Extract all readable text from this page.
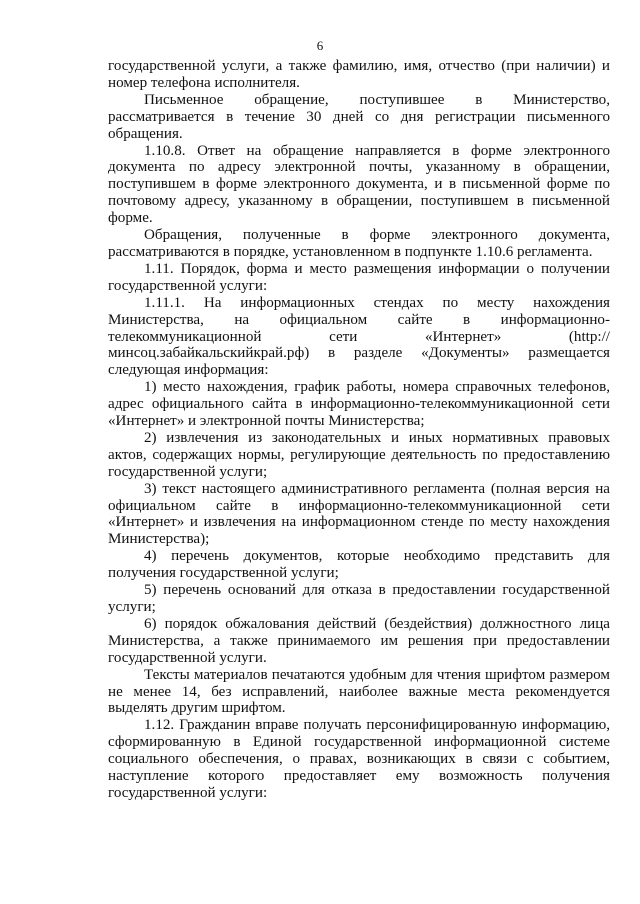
6

государственной услуги, а также фамилию, имя, отчество (при наличии) и номер телефона исполнителя.

Письменное обращение, поступившее в Министерство, рассматривается в течение 30 дней со дня регистрации письменного обращения.

1.10.8. Ответ на обращение направляется в форме электронного документа по адресу электронной почты, указанному в обращении, поступившем в форме электронного документа, и в письменной форме по почтовому адресу, указанному в обращении, поступившем в письменной форме.

Обращения, полученные в форме электронного документа, рассматриваются в порядке, установленном в подпункте 1.10.6 регламента.

1.11. Порядок, форма и место размещения информации о получении государственной услуги:

1.11.1. На информационных стендах по месту нахождения Министерства, на официальном сайте в информационно-телекоммуникационной сети «Интернет» (http://минсоц.забайкальскийкрай.рф) в разделе «Документы» размещается следующая информация:

1) место нахождения, график работы, номера справочных телефонов, адрес официального сайта в информационно-телекоммуникационной сети «Интернет» и электронной почты Министерства;

2) извлечения из законодательных и иных нормативных правовых актов, содержащих нормы, регулирующие деятельность по предоставлению государственной услуги;

3) текст настоящего административного регламента (полная версия на официальном сайте в информационно-телекоммуникационной сети «Интернет» и извлечения на информационном стенде по месту нахождения Министерства);

4) перечень документов, которые необходимо представить для получения государственной услуги;

5) перечень оснований для отказа в предоставлении государственной услуги;

6) порядок обжалования действий (бездействия) должностного лица Министерства, а также принимаемого им решения при предоставлении государственной услуги.

Тексты материалов печатаются удобным для чтения шрифтом размером не менее 14, без исправлений, наиболее важные места рекомендуется выделять другим шрифтом.

1.12. Гражданин вправе получать персонифицированную информацию, сформированную в Единой государственной информационной системе социального обеспечения, о правах, возникающих в связи с событием, наступление которого предоставляет ему возможность получения государственной услуги:
